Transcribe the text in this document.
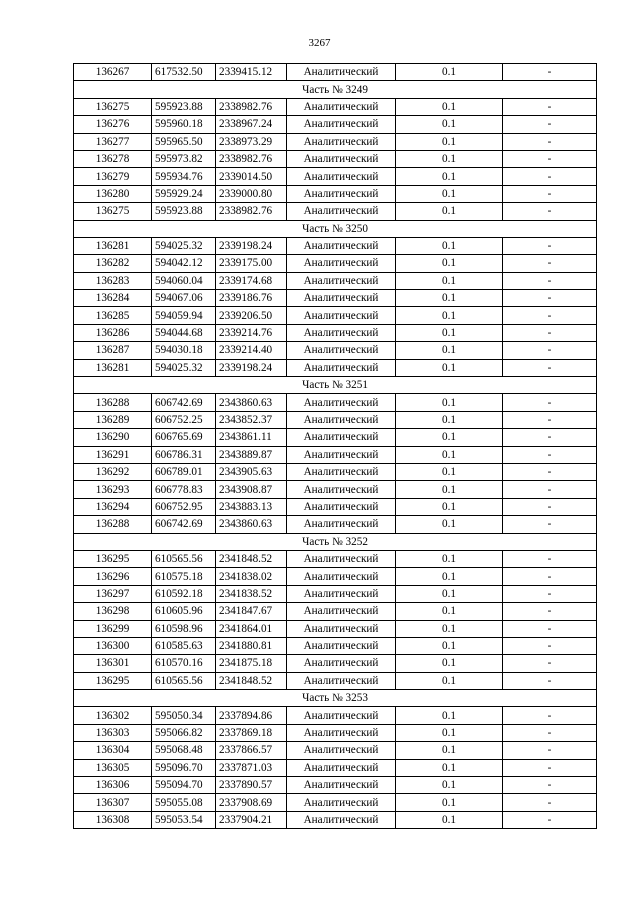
3267
136267	617532.50	2339415.12	Аналитический	0.1	-
Часть № 3249					
136275	595923.88	2338982.76	Аналитический	0.1	-
136276	595960.18	2338967.24	Аналитический	0.1	-
136277	595965.50	2338973.29	Аналитический	0.1	-
136278	595973.82	2338982.76	Аналитический	0.1	-
136279	595934.76	2339014.50	Аналитический	0.1	-
136280	595929.24	2339000.80	Аналитический	0.1	-
136275	595923.88	2338982.76	Аналитический	0.1	-
Часть № 3250					
136281	594025.32	2339198.24	Аналитический	0.1	-
136282	594042.12	2339175.00	Аналитический	0.1	-
136283	594060.04	2339174.68	Аналитический	0.1	-
136284	594067.06	2339186.76	Аналитический	0.1	-
136285	594059.94	2339206.50	Аналитический	0.1	-
136286	594044.68	2339214.76	Аналитический	0.1	-
136287	594030.18	2339214.40	Аналитический	0.1	-
136281	594025.32	2339198.24	Аналитический	0.1	-
Часть № 3251					
136288	606742.69	2343860.63	Аналитический	0.1	-
136289	606752.25	2343852.37	Аналитический	0.1	-
136290	606765.69	2343861.11	Аналитический	0.1	-
136291	606786.31	2343889.87	Аналитический	0.1	-
136292	606789.01	2343905.63	Аналитический	0.1	-
136293	606778.83	2343908.87	Аналитический	0.1	-
136294	606752.95	2343883.13	Аналитический	0.1	-
136288	606742.69	2343860.63	Аналитический	0.1	-
Часть № 3252					
136295	610565.56	2341848.52	Аналитический	0.1	-
136296	610575.18	2341838.02	Аналитический	0.1	-
136297	610592.18	2341838.52	Аналитический	0.1	-
136298	610605.96	2341847.67	Аналитический	0.1	-
136299	610598.96	2341864.01	Аналитический	0.1	-
136300	610585.63	2341880.81	Аналитический	0.1	-
136301	610570.16	2341875.18	Аналитический	0.1	-
136295	610565.56	2341848.52	Аналитический	0.1	-
Часть № 3253					
136302	595050.34	2337894.86	Аналитический	0.1	-
136303	595066.82	2337869.18	Аналитический	0.1	-
136304	595068.48	2337866.57	Аналитический	0.1	-
136305	595096.70	2337871.03	Аналитический	0.1	-
136306	595094.70	2337890.57	Аналитический	0.1	-
136307	595055.08	2337908.69	Аналитический	0.1	-
136308	595053.54	2337904.21	Аналитический	0.1	-
